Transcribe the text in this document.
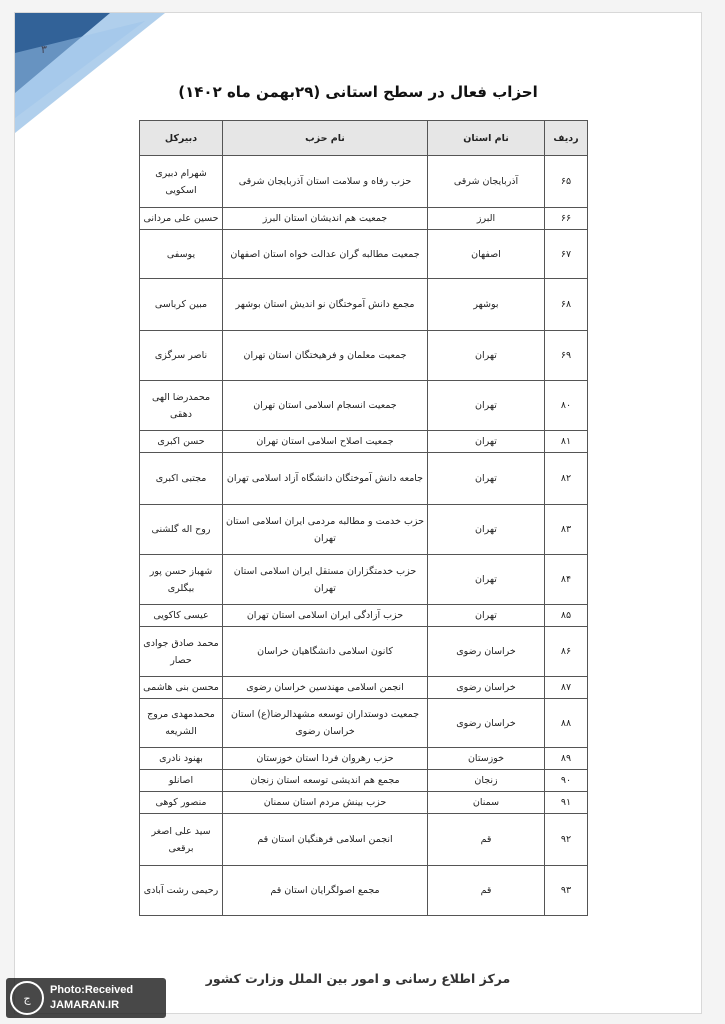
۳
احزاب فعال در سطح استانی (۲۹بهمن ماه ۱۴۰۲)
ردیف	نام استان	نام حزب	دبیرکل
۶۵	آذربایجان شرقی	حزب رفاه و سلامت استان آذربایجان شرقی	شهرام دبیری اسکویی
۶۶	البرز	جمعیت هم اندیشان استان البرز	حسین علی مردانی
۶۷	اصفهان	جمعیت مطالبه گران عدالت خواه استان اصفهان	یوسفی
۶۸	بوشهر	مجمع دانش آموختگان نو اندیش استان بوشهر	مبین کرباسی
۶۹	تهران	جمعیت معلمان و فرهیختگان استان تهران	ناصر سرگزی
۸۰	تهران	جمعیت انسجام اسلامی استان تهران	محمدرضا الهی دهقی
۸۱	تهران	جمعیت اصلاح اسلامی استان تهران	حسن اکبری
۸۲	تهران	جامعه دانش آموختگان دانشگاه آزاد اسلامی تهران	مجتبی اکبری
۸۳	تهران	حزب خدمت و مطالبه مردمی ایران اسلامی استان تهران	روح اله گلشنی
۸۴	تهران	حزب خدمتگزاران مستقل ایران اسلامی استان تهران	شهباز حسن پور بیگلری
۸۵	تهران	حزب آزادگی ایران اسلامی استان تهران	عیسی کاکویی
۸۶	خراسان رضوی	کانون اسلامی دانشگاهیان خراسان	محمد صادق جوادی حصار
۸۷	خراسان رضوی	انجمن اسلامی مهندسین خراسان رضوی	محسن بنی هاشمی
۸۸	خراسان رضوی	جمعیت دوستداران توسعه مشهدالرضا(ع) استان خراسان رضوی	محمدمهدی مروج الشریعه
۸۹	خوزستان	حزب رهروان فردا استان خوزستان	بهنود نادری
۹۰	زنجان	مجمع هم اندیشی توسعه استان زنجان	اصانلو
۹۱	سمنان	حزب بینش مردم استان سمنان	منصور کوهی
۹۲	قم	انجمن اسلامی فرهنگیان استان قم	سید علی اصغر برقعی
۹۳	قم	مجمع اصولگرایان استان قم	رحیمی رشت آبادی
مرکز اطلاع رسانی و امور بین الملل وزارت کشور
ج
Photo:Received
JAMARAN.IR
